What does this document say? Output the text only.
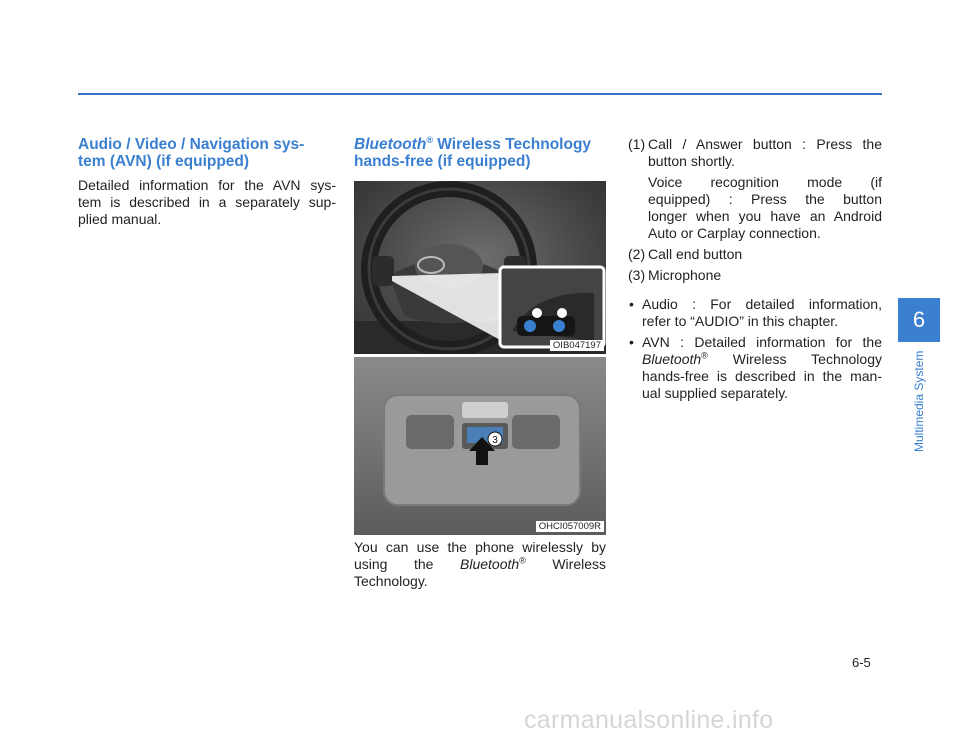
Audio / Video / Navigation sys-
tem (AVN) (if equipped)
Detailed information for the AVN sys-
tem is described in a separately sup-
plied manual.
Bluetooth® Wireless Technology
hands-free (if equipped)
OIB047197
3
OHCI057009R
You can use the phone wirelessly by
using the Bluetooth® Wireless
Technology.
(1) Call / Answer button : Press the
button shortly.
Voice recognition mode (if
equipped) : Press the button
longer when you have an Android
Auto or Carplay connection.
(2) Call end button
(3) Microphone
• Audio : For detailed information,
refer to “AUDIO” in this chapter.
• AVN : Detailed information for the
Bluetooth® Wireless Technology
hands-free is described in the man-
ual supplied separately.
6
Multimedia System
6-5
carmanualsonline.info
